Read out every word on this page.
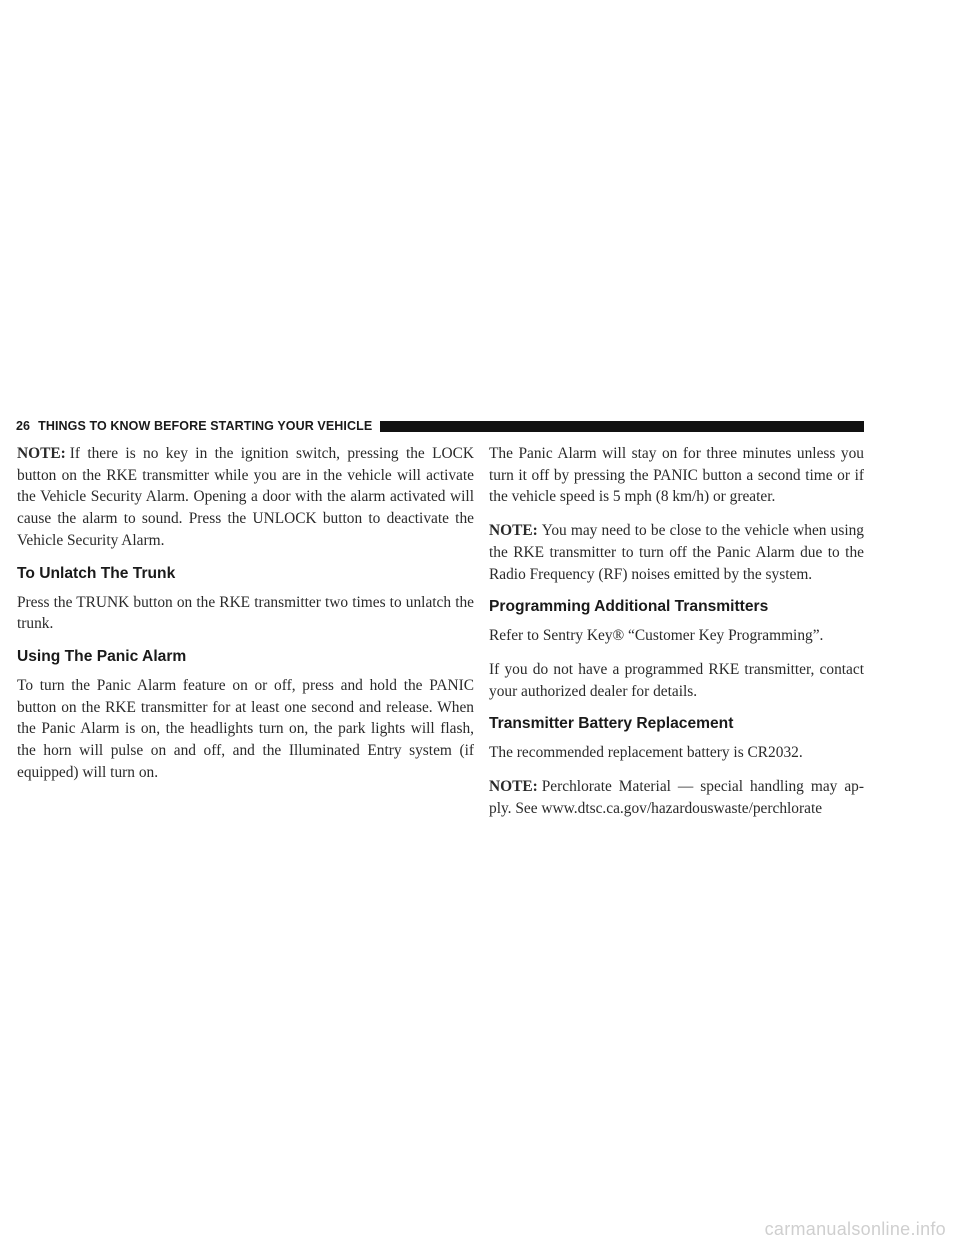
26 THINGS TO KNOW BEFORE STARTING YOUR VEHICLE

NOTE: If there is no key in the ignition switch, pressing the LOCK button on the RKE transmitter while you are in the vehicle will activate the Vehicle Security Alarm. Opening a door with the alarm activated will cause the alarm to sound. Press the UNLOCK button to deactivate the Vehicle Security Alarm.

To Unlatch The Trunk

Press the TRUNK button on the RKE transmitter two times to unlatch the trunk.

Using The Panic Alarm

To turn the Panic Alarm feature on or off, press and hold the PANIC button on the RKE transmitter for at least one second and release. When the Panic Alarm is on, the headlights turn on, the park lights will flash, the horn will pulse on and off, and the Illuminated Entry system (if equipped) will turn on.

The Panic Alarm will stay on for three minutes unless you turn it off by pressing the PANIC button a second time or if the vehicle speed is 5 mph (8 km/h) or greater.

NOTE: You may need to be close to the vehicle when using the RKE transmitter to turn off the Panic Alarm due to the Radio Frequency (RF) noises emitted by the system.

Programming Additional Transmitters

Refer to Sentry Key® “Customer Key Programming”.

If you do not have a programmed RKE transmitter, contact your authorized dealer for details.

Transmitter Battery Replacement

The recommended replacement battery is CR2032.

NOTE: Perchlorate Material — special handling may ap-ply. See www.dtsc.ca.gov/hazardouswaste/perchlorate

carmanualsonline.info
